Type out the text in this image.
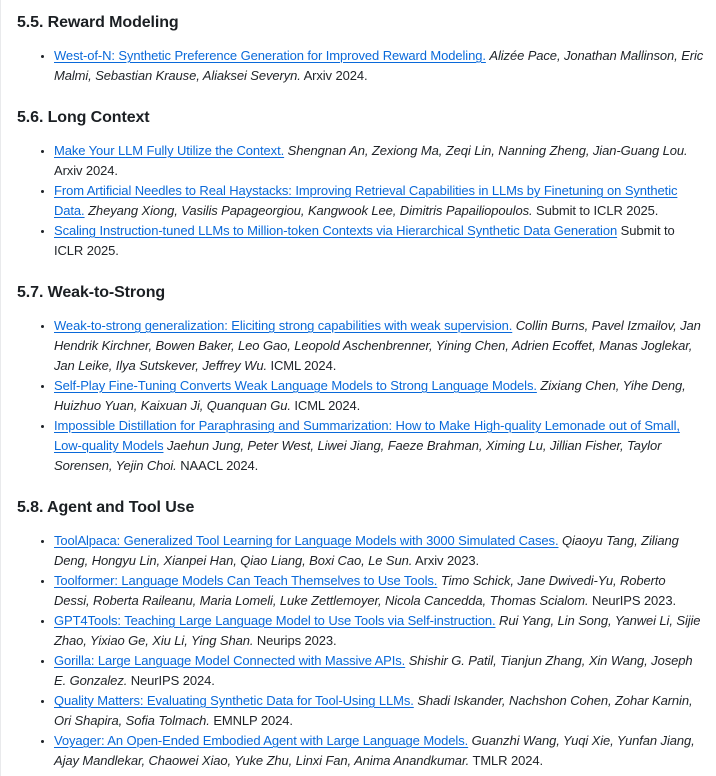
5.5. Reward Modeling
• West-of-N: Synthetic Preference Generation for Improved Reward Modeling. Alizée Pace, Jonathan Mallinson, Eric Malmi, Sebastian Krause, Aliaksei Severyn. Arxiv 2024.
5.6. Long Context
• Make Your LLM Fully Utilize the Context. Shengnan An, Zexiong Ma, Zeqi Lin, Nanning Zheng, Jian-Guang Lou. Arxiv 2024.
• From Artificial Needles to Real Haystacks: Improving Retrieval Capabilities in LLMs by Finetuning on Synthetic Data. Zheyang Xiong, Vasilis Papageorgiou, Kangwook Lee, Dimitris Papailiopoulos. Submit to ICLR 2025.
• Scaling Instruction-tuned LLMs to Million-token Contexts via Hierarchical Synthetic Data Generation Submit to ICLR 2025.
5.7. Weak-to-Strong
• Weak-to-strong generalization: Eliciting strong capabilities with weak supervision. Collin Burns, Pavel Izmailov, Jan Hendrik Kirchner, Bowen Baker, Leo Gao, Leopold Aschenbrenner, Yining Chen, Adrien Ecoffet, Manas Joglekar, Jan Leike, Ilya Sutskever, Jeffrey Wu. ICML 2024.
• Self-Play Fine-Tuning Converts Weak Language Models to Strong Language Models. Zixiang Chen, Yihe Deng, Huizhuo Yuan, Kaixuan Ji, Quanquan Gu. ICML 2024.
• Impossible Distillation for Paraphrasing and Summarization: How to Make High-quality Lemonade out of Small, Low-quality Models Jaehun Jung, Peter West, Liwei Jiang, Faeze Brahman, Ximing Lu, Jillian Fisher, Taylor Sorensen, Yejin Choi. NAACL 2024.
5.8. Agent and Tool Use
• ToolAlpaca: Generalized Tool Learning for Language Models with 3000 Simulated Cases. Qiaoyu Tang, Ziliang Deng, Hongyu Lin, Xianpei Han, Qiao Liang, Boxi Cao, Le Sun. Arxiv 2023.
• Toolformer: Language Models Can Teach Themselves to Use Tools. Timo Schick, Jane Dwivedi-Yu, Roberto Dessi, Roberta Raileanu, Maria Lomeli, Luke Zettlemoyer, Nicola Cancedda, Thomas Scialom. NeurIPS 2023.
• GPT4Tools: Teaching Large Language Model to Use Tools via Self-instruction. Rui Yang, Lin Song, Yanwei Li, Sijie Zhao, Yixiao Ge, Xiu Li, Ying Shan. Neurips 2023.
• Gorilla: Large Language Model Connected with Massive APIs. Shishir G. Patil, Tianjun Zhang, Xin Wang, Joseph E. Gonzalez. NeurIPS 2024.
• Quality Matters: Evaluating Synthetic Data for Tool-Using LLMs. Shadi Iskander, Nachshon Cohen, Zohar Karnin, Ori Shapira, Sofia Tolmach. EMNLP 2024.
• Voyager: An Open-Ended Embodied Agent with Large Language Models. Guanzhi Wang, Yuqi Xie, Yunfan Jiang, Ajay Mandlekar, Chaowei Xiao, Yuke Zhu, Linxi Fan, Anima Anandkumar. TMLR 2024.
